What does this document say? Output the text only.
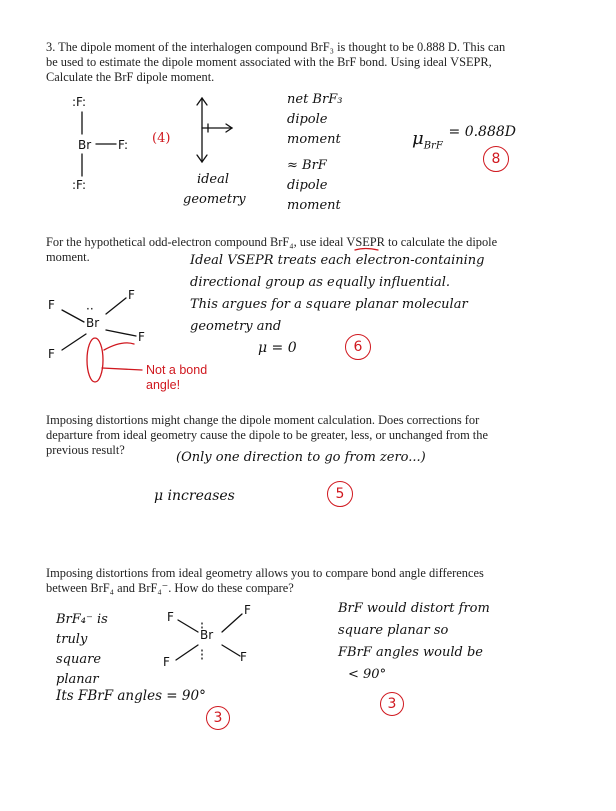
3. The dipole moment of the interhalogen compound BrF₃ is thought to be 0.888 D. This can
be used to estimate the dipole moment associated with the BrF bond. Using ideal VSEPR,
Calculate the BrF dipole moment.
:F:
Br F:
:F:
(4)
ideal
geometry
net BrF₃
dipole
moment
≈ BrF
dipole
moment
$\mu_{BrF}$ $^{= 0.888D}$
8
For the hypothetical odd-electron compound BrF₄, use ideal VSEPR to calculate the dipole
moment.	Ideal VSEPR treats each electron-containing
directional group as equally influential.
This argues for a square planar molecular
geometry and
μ = 0	6
F
F
··
Br
F
F
Not a bond
angle!
Imposing distortions might change the dipole moment calculation. Does corrections for
departure from ideal geometry cause the dipole to be greater, less, or unchanged from the
previous result?	(Only one direction to go from zero...)
μ increases	5
Imposing distortions from ideal geometry allows you to compare bond angle differences
between BrF₄ and BrF₄⁻. How do these compare?
BrF₄⁻ is
truly
square
planar
Its FBrF angles = 90°
3
F	F
Br
F	F
BrF would distort from
square planar so
FBrF angles would be
< 90°
3
